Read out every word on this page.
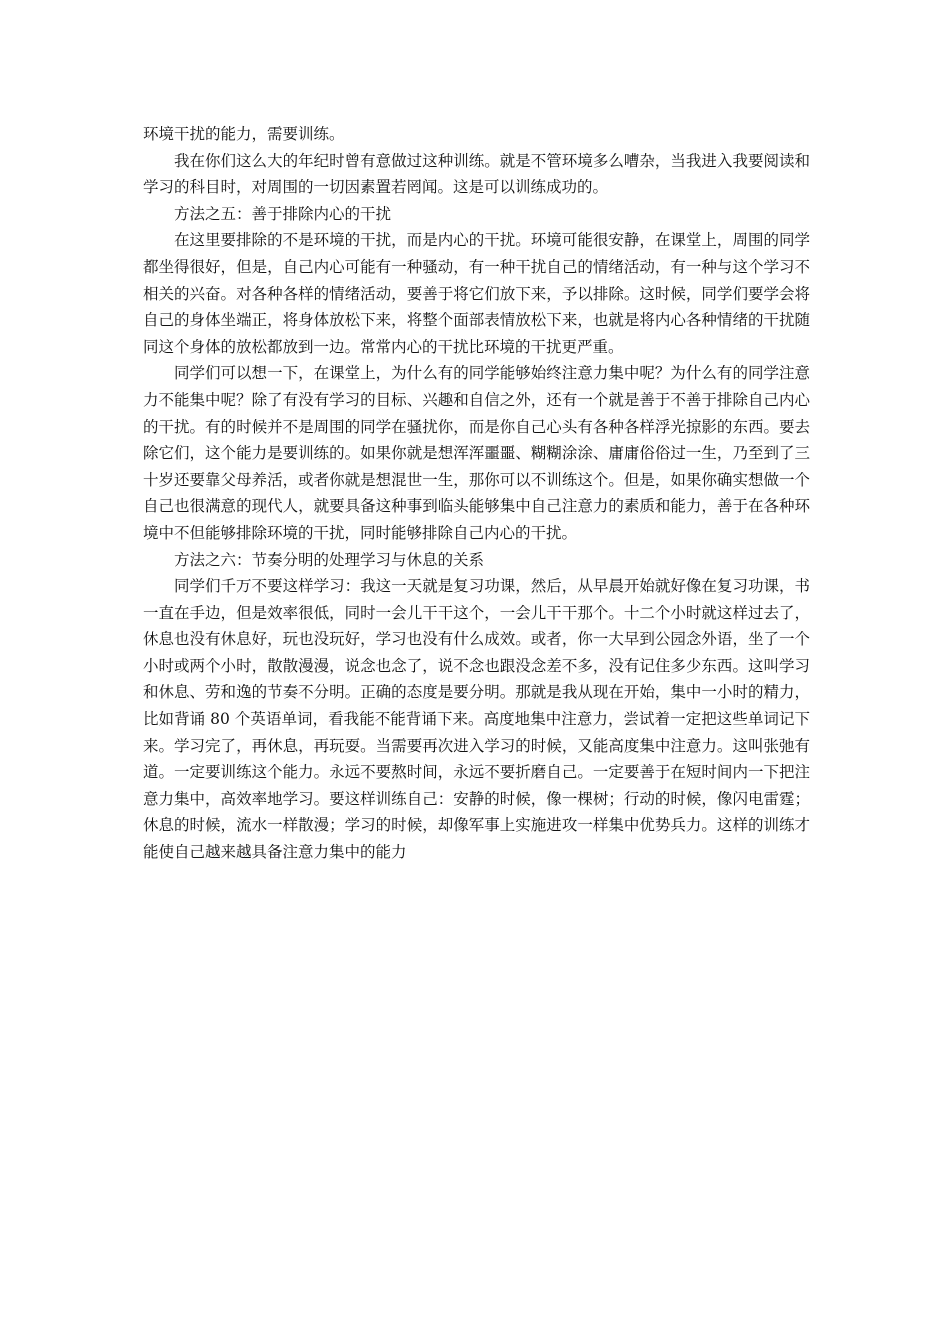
环境干扰的能力，需要训练。

我在你们这么大的年纪时曾有意做过这种训练。就是不管环境多么嘈杂，当我进入我要阅读和学习的科目时，对周围的一切因素置若罔闻。这是可以训练成功的。

方法之五：善于排除内心的干扰

在这里要排除的不是环境的干扰，而是内心的干扰。环境可能很安静，在课堂上，周围的同学都坐得很好，但是，自己内心可能有一种骚动，有一种干扰自己的情绪活动，有一种与这个学习不相关的兴奋。对各种各样的情绪活动，要善于将它们放下来，予以排除。这时候，同学们要学会将自己的身体坐端正，将身体放松下来，将整个面部表情放松下来，也就是将内心各种情绪的干扰随同这个身体的放松都放到一边。常常内心的干扰比环境的干扰更严重。

同学们可以想一下，在课堂上，为什么有的同学能够始终注意力集中呢？为什么有的同学注意力不能集中呢？除了有没有学习的目标、兴趣和自信之外，还有一个就是善于不善于排除自己内心的干扰。有的时候并不是周围的同学在骚扰你，而是你自己心头有各种各样浮光掠影的东西。要去除它们，这个能力是要训练的。如果你就是想浑浑噩噩、糊糊涂涂、庸庸俗俗过一生，乃至到了三十岁还要靠父母养活，或者你就是想混世一生，那你可以不训练这个。但是，如果你确实想做一个自己也很满意的现代人，就要具备这种事到临头能够集中自己注意力的素质和能力，善于在各种环境中不但能够排除环境的干扰，同时能够排除自己内心的干扰。

方法之六：节奏分明的处理学习与休息的关系

同学们千万不要这样学习：我这一天就是复习功课，然后，从早晨开始就好像在复习功课，书一直在手边，但是效率很低，同时一会儿干干这个，一会儿干干那个。十二个小时就这样过去了，休息也没有休息好，玩也没玩好，学习也没有什么成效。或者，你一大早到公园念外语，坐了一个小时或两个小时，散散漫漫，说念也念了，说不念也跟没念差不多，没有记住多少东西。这叫学习和休息、劳和逸的节奏不分明。正确的态度是要分明。那就是我从现在开始，集中一小时的精力，比如背诵 80 个英语单词，看我能不能背诵下来。高度地集中注意力，尝试着一定把这些单词记下来。学习完了，再休息，再玩耍。当需要再次进入学习的时候，又能高度集中注意力。这叫张弛有道。一定要训练这个能力。永远不要熬时间，永远不要折磨自己。一定要善于在短时间内一下把注意力集中，高效率地学习。要这样训练自己：安静的时候，像一棵树；行动的时候，像闪电雷霆；休息的时候，流水一样散漫；学习的时候，却像军事上实施进攻一样集中优势兵力。这样的训练才能使自己越来越具备注意力集中的能力
